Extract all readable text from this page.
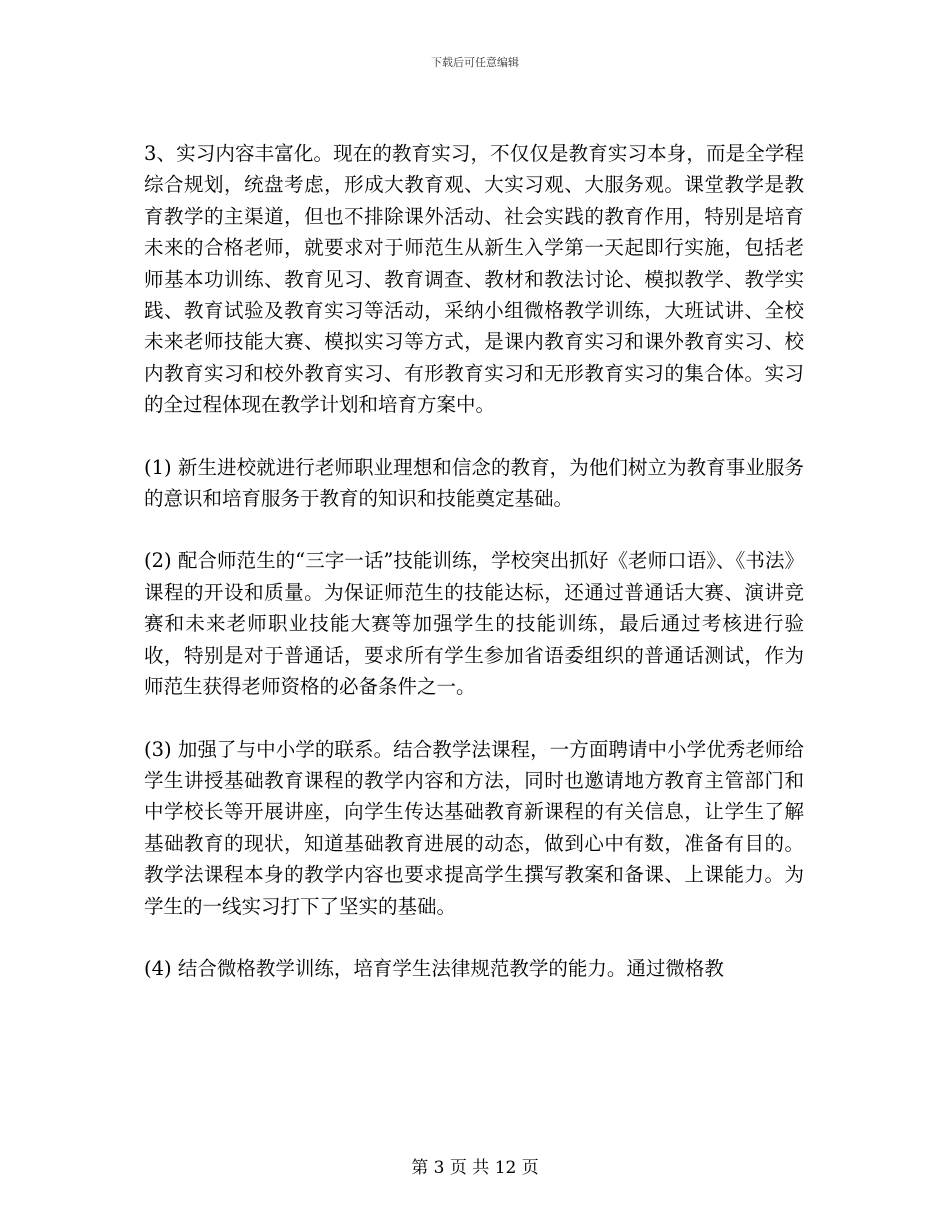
下载后可任意编辑

3、实习内容丰富化。现在的教育实习，不仅仅是教育实习本身，而是全学程综合规划，统盘考虑，形成大教育观、大实习观、大服务观。课堂教学是教育教学的主渠道，但也不排除课外活动、社会实践的教育作用，特别是培育未来的合格老师，就要求对于师范生从新生入学第一天起即行实施，包括老师基本功训练、教育见习、教育调查、教材和教法讨论、模拟教学、教学实践、教育试验及教育实习等活动，采纳小组微格教学训练，大班试讲、全校未来老师技能大赛、模拟实习等方式，是课内教育实习和课外教育实习、校内教育实习和校外教育实习、有形教育实习和无形教育实习的集合体。实习的全过程体现在教学计划和培育方案中。

(1) 新生进校就进行老师职业理想和信念的教育，为他们树立为教育事业服务的意识和培育服务于教育的知识和技能奠定基础。

(2) 配合师范生的“三字一话”技能训练，学校突出抓好《老师口语》、《书法》课程的开设和质量。为保证师范生的技能达标，还通过普通话大赛、演讲竞赛和未来老师职业技能大赛等加强学生的技能训练，最后通过考核进行验收，特别是对于普通话，要求所有学生参加省语委组织的普通话测试，作为师范生获得老师资格的必备条件之一。

(3) 加强了与中小学的联系。结合教学法课程，一方面聘请中小学优秀老师给学生讲授基础教育课程的教学内容和方法，同时也邀请地方教育主管部门和中学校长等开展讲座，向学生传达基础教育新课程的有关信息，让学生了解基础教育的现状，知道基础教育进展的动态，做到心中有数，准备有目的。教学法课程本身的教学内容也要求提高学生撰写教案和备课、上课能力。为学生的一线实习打下了坚实的基础。

(4) 结合微格教学训练，培育学生法律规范教学的能力。通过微格教

第 3 页 共 12 页
